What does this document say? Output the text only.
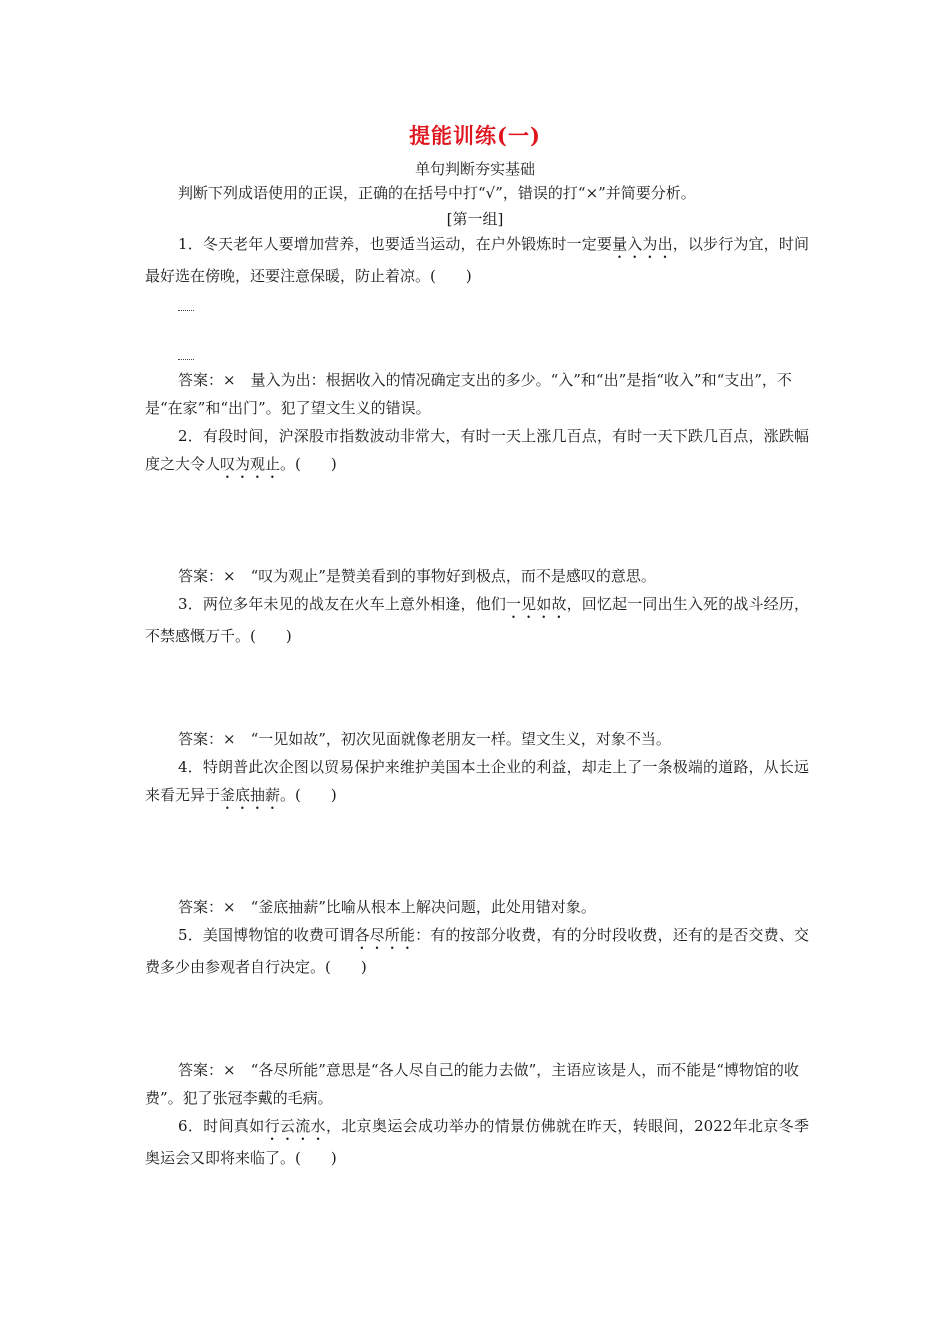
提能训练(一)
单句判断夯实基础
判断下列成语使用的正误，正确的在括号中打“√”，错误的打“×”并简要分析。
[第一组]

1．冬天老年人要增加营养，也要适当运动，在户外锻炼时一定要量入为出，以步行为宜，时间最好选在傍晚，还要注意保暖，防止着凉。(　　)

答案：×　量入为出：根据收入的情况确定支出的多少。“入”和“出”是指“收入”和“支出”，不是“在家”和“出门”。犯了望文生义的错误。

2．有段时间，沪深股市指数波动非常大，有时一天上涨几百点，有时一天下跌几百点，涨跌幅度之大令人叹为观止。(　　)

答案：×　“叹为观止”是赞美看到的事物好到极点，而不是感叹的意思。

3．两位多年未见的战友在火车上意外相逢，他们一见如故，回忆起一同出生入死的战斗经历，不禁感慨万千。(　　)

答案：×　“一见如故”，初次见面就像老朋友一样。望文生义，对象不当。

4．特朗普此次企图以贸易保护来维护美国本土企业的利益，却走上了一条极端的道路，从长远来看无异于釜底抽薪。(　　)

答案：×　“釜底抽薪”比喻从根本上解决问题，此处用错对象。

5．美国博物馆的收费可谓各尽所能：有的按部分收费，有的分时段收费，还有的是否交费、交费多少由参观者自行决定。(　　)

答案：×　“各尽所能”意思是“各人尽自己的能力去做”，主语应该是人，而不能是“博物馆的收费”。犯了张冠李戴的毛病。

6．时间真如行云流水，北京奥运会成功举办的情景仿佛就在昨天，转眼间，2022年北京冬季奥运会又即将来临了。(　　)
